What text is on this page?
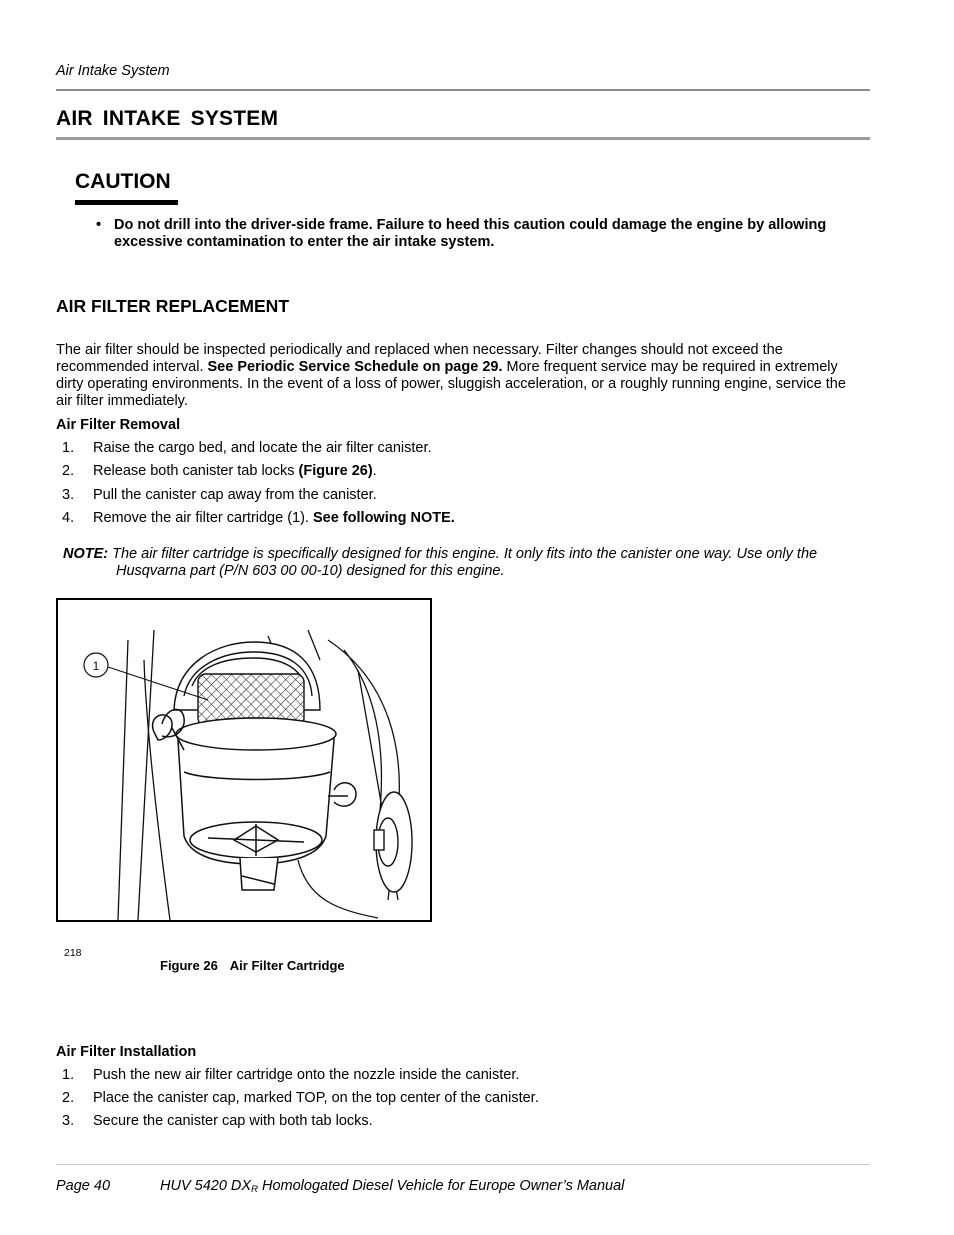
Air Intake System
AIR INTAKE SYSTEM
CAUTION
• Do not drill into the driver-side frame. Failure to heed this caution could damage the engine by allowing excessive contamination to enter the air intake system.
AIR FILTER REPLACEMENT
The air filter should be inspected periodically and replaced when necessary. Filter changes should not exceed the recommended interval. See Periodic Service Schedule on page 29. More frequent service may be required in extremely dirty operating environments. In the event of a loss of power, sluggish acceleration, or a roughly running engine, service the air filter immediately.
Air Filter Removal
1. Raise the cargo bed, and locate the air filter canister.
2. Release both canister tab locks (Figure 26).
3. Pull the canister cap away from the canister.
4. Remove the air filter cartridge (1). See following NOTE.
NOTE: The air filter cartridge is specifically designed for this engine. It only fits into the canister one way. Use only the
Husqvarna part (P/N 603 00 00-10) designed for this engine.
1
218
Figure 26 Air Filter Cartridge
Air Filter Installation
1. Push the new air filter cartridge onto the nozzle inside the canister.
2. Place the canister cap, marked TOP, on the top center of the canister.
3. Secure the canister cap with both tab locks.
Page 40	HUV 5420 $DX_R$ Homologated Diesel Vehicle for Europe Owner’s Manual
